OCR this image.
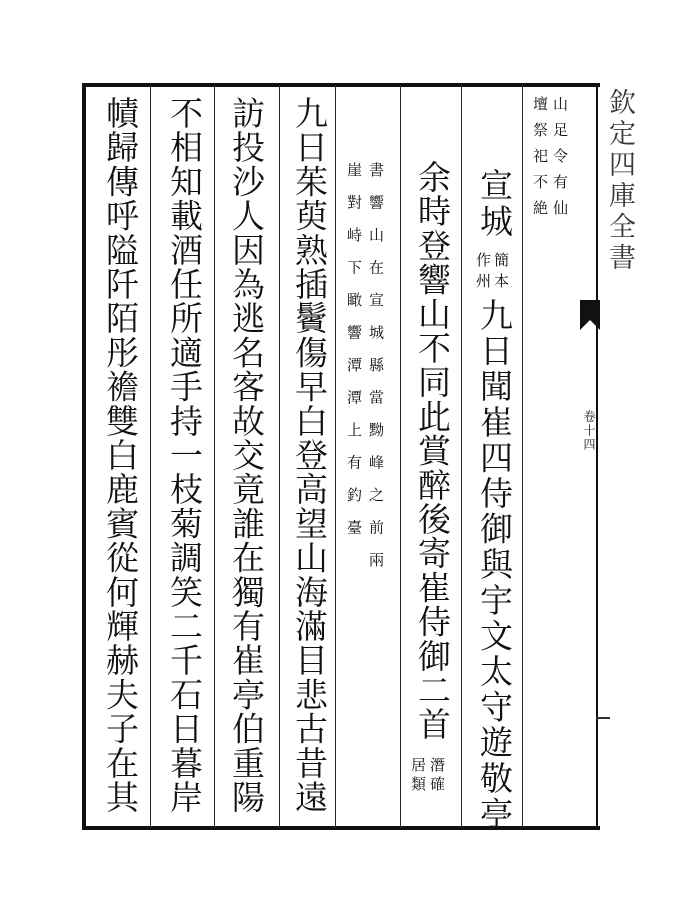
欽定四庫全書
卷十四
山足令有仙
壇祭祀不絶
宣城
簡本
作州
九日聞崔四侍御與宇文太守遊敬亭
余時登響山不同此賞醉後寄崔侍御二首
潛確
居類
書響山在宣城縣當黝峰之前兩
崖對峙下瞰響潭潭上有釣臺
九日茱萸熟插鬢傷早白登高望山海滿目悲古昔遠
訪投沙人因為逃名客故交竟誰在獨有崔亭伯重陽
不相知載酒任所適手持一枝菊調笑二千石日暮岸
幘歸傳呼隘阡陌彤襜雙白鹿賓從何輝赫夫子在其
